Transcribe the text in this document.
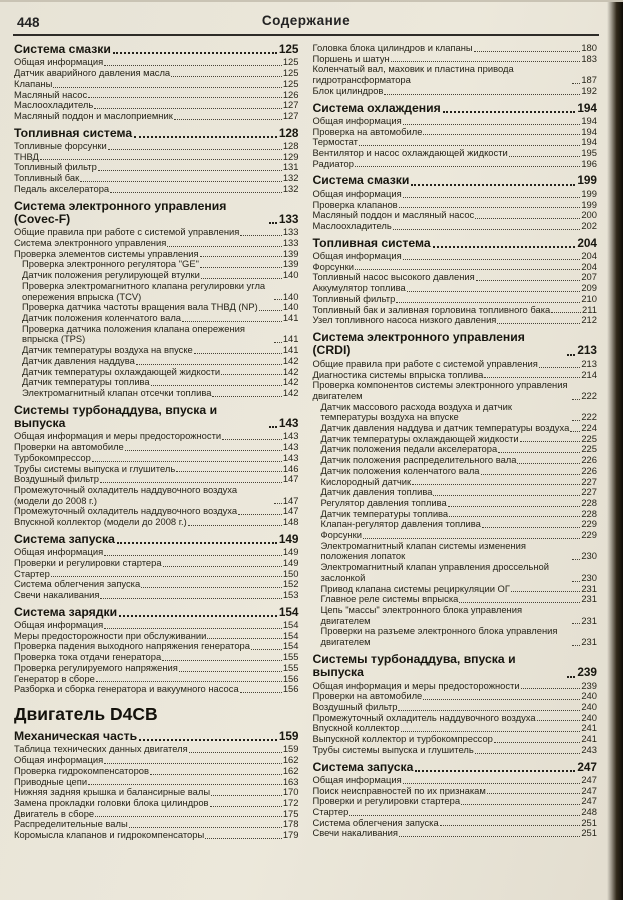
448	Содержание
Система смазки	125
Общая информация	125
Датчик аварийного давления масла	125
Клапаны	125
Масляный насос	126
Маслоохладитель	127
Масляный поддон и маслоприемник	127
Топливная система	128
Топливные форсунки	128
ТНВД	129
Топливный фильтр	131
Топливный бак	132
Педаль акселератора	132
Система электронного управления (Covec-F)	133
Общие правила при работе с системой управления	133
Система электронного управления	133
Проверка элементов системы управления	139
Проверка электронного регулятора "GE"	139
Датчик положения регулирующей втулки	140
Проверка электромагнитного клапана регулировки угла опережения впрыска (TCV)	140
Проверка датчика частоты вращения вала ТНВД (NP)	140
Датчик положения коленчатого вала	141
Проверка датчика положения клапана опережения впрыска (TPS)	141
Датчик температуры воздуха на впуске	141
Датчик давления наддува	142
Датчик температуры охлаждающей жидкости	142
Датчик температуры топлива	142
Электромагнитный клапан отсечки топлива	142
Системы турбонаддува, впуска и выпуска	143
Общая информация и меры предосторожности	143
Проверки на автомобиле	143
Турбокомпрессор	143
Трубы системы выпуска и глушитель	146
Воздушный фильтр	147
Промежуточный охладитель наддувочного воздуха (модели до 2008 г.)	147
Промежуточный охладитель наддувочного воздуха	147
Впускной коллектор (модели до 2008 г.)	148
Система запуска	149
Общая информация	149
Проверки и регулировки стартера	149
Стартер	150
Система облегчения запуска	152
Свечи накаливания	153
Система зарядки	154
Общая информация	154
Меры предосторожности при обслуживании	154
Проверка падения выходного напряжения генератора	154
Проверка тока отдачи генератора	155
Проверка регулируемого напряжения	155
Генератор в сборе	156
Разборка и сборка генератора и вакуумного насоса	156
Двигатель D4CB
Механическая часть	159
Таблица технических данных двигателя	159
Общая информация	162
Проверка гидрокомпенсаторов	162
Приводные цепи	163
Нижняя задняя крышка и балансирные валы	170
Замена прокладки головки блока цилиндров	172
Двигатель в сборе	175
Распределительные валы	178
Коромысла клапанов и гидрокомпенсаторы	179
Головка блока цилиндров и клапаны	180
Поршень и шатун	183
Коленчатый вал, маховик и пластина привода гидротрансформатора	187
Блок цилиндров	192
Система охлаждения	194
Общая информация	194
Проверка на автомобиле	194
Термостат	194
Вентилятор и насос охлаждающей жидкости	195
Радиатор	196
Система смазки	199
Общая информация	199
Проверка клапанов	199
Масляный поддон и масляный насос	200
Маслоохладитель	202
Топливная система	204
Общая информация	204
Форсунки	204
Топливный насос высокого давления	207
Аккумулятор топлива	209
Топливный фильтр	210
Топливный бак и заливная горловина топливного бака	211
Узел топливного насоса низкого давления	212
Система электронного управления (CRDI)	213
Общие правила при работе с системой управления	213
Диагностика системы впрыска топлива	214
Проверка компонентов системы электронного управления двигателем	222
Датчик массового расхода воздуха и датчик температуры воздуха на впуске	222
Датчик давления наддува и датчик температуры воздуха 224
Датчик температуры охлаждающей жидкости	225
Датчик положения педали акселератора	225
Датчик положения распределительного вала	226
Датчик положения коленчатого вала	226
Кислородный датчик	227
Датчик давления топлива	227
Регулятор давления топлива	228
Датчик температуры топлива	228
Клапан-регулятор давления топлива	229
Форсунки	229
Электромагнитный клапан системы изменения положения лопаток	230
Электромагнитный клапан управления дроссельной заслонкой	230
Привод клапана системы рециркуляции ОГ	231
Главное реле системы впрыска	231
Цепь "массы" электронного блока управления двигателем	231
Проверки на разъеме электронного блока управления двигателем	231
Системы турбонаддува, впуска и выпуска	239
Общая информация и меры предосторожности	239
Проверки на автомобиле	240
Воздушный фильтр	240
Промежуточный охладитель наддувочного воздуха	240
Впускной коллектор	241
Выпускной коллектор и турбокомпрессор	241
Трубы системы выпуска и глушитель	243
Система запуска	247
Общая информация	247
Поиск неисправностей по их признакам	247
Проверки и регулировки стартера	247
Стартер	248
Система облегчения запуска	251
Свечи накаливания	251
